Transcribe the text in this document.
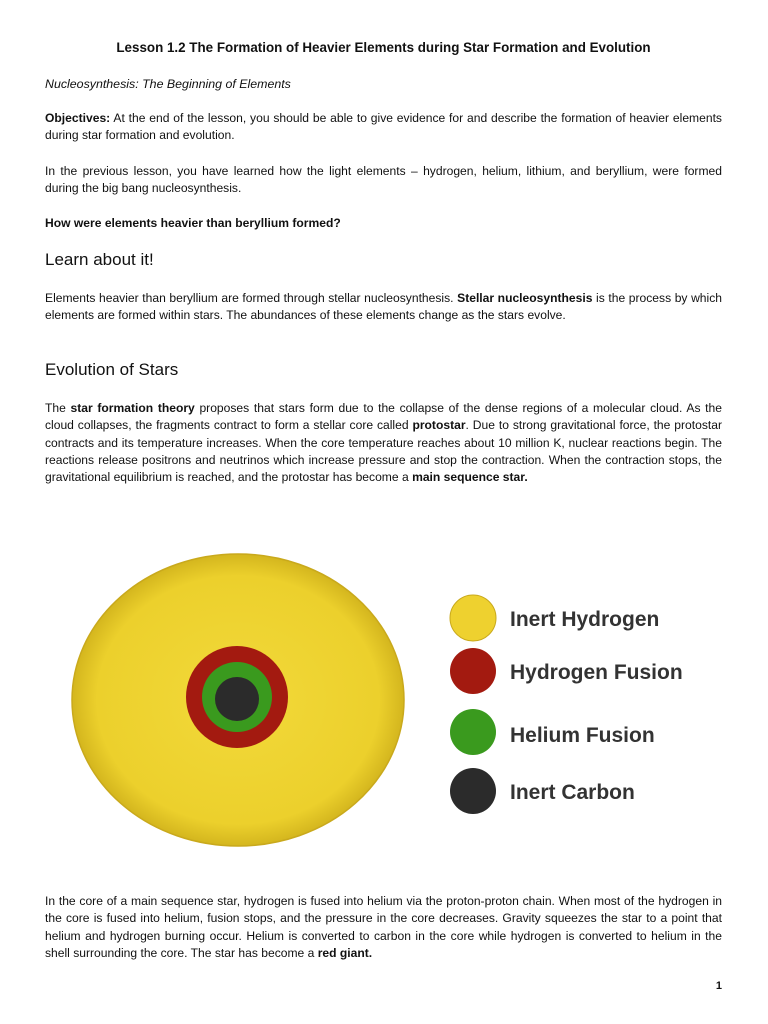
Lesson 1.2 The Formation of Heavier Elements during Star Formation and Evolution
Nucleosynthesis: The Beginning of Elements

Objectives: At the end of the lesson, you should be able to give evidence for and describe the formation of heavier elements during star formation and evolution.

In the previous lesson, you have learned how the light elements – hydrogen, helium, lithium, and beryllium, were formed during the big bang nucleosynthesis.

How were elements heavier than beryllium formed?
Learn about it!

Elements heavier than beryllium are formed through stellar nucleosynthesis. Stellar nucleosynthesis is the process by which elements are formed within stars. The abundances of these elements change as the stars evolve.

Evolution of Stars

The star formation theory proposes that stars form due to the collapse of the dense regions of a molecular cloud. As the cloud collapses, the fragments contract to form a stellar core called protostar. Due to strong gravitational force, the protostar contracts and its temperature increases. When the core temperature reaches about 10 million K, nuclear reactions begin. The reactions release positrons and neutrinos which increase pressure and stop the contraction. When the contraction stops, the gravitational equilibrium is reached, and the protostar has become a main sequence star.

In the core of a main sequence star, hydrogen is fused into helium via the proton-proton chain. When most of the hydrogen in the core is fused into helium, fusion stops, and the pressure in the core decreases. Gravity squeezes the star to a point that helium and hydrogen burning occur. Helium is converted to carbon in the core while hydrogen is converted to helium in the shell surrounding the core. The star has become a red giant.

Inert Hydrogen
Hydrogen Fusion
Helium Fusion
Inert Carbon
1
